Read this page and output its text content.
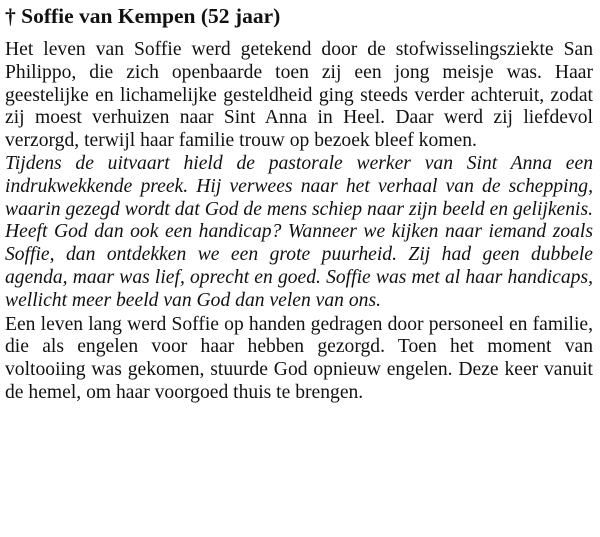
† Soffie van Kempen (52 jaar)

Het leven van Soffie werd getekend door de stofwisselingsziekte San Philippo, die zich openbaarde toen zij een jong meisje was. Haar geestelijke en lichamelijke gesteldheid ging steeds verder achteruit, zodat zij moest verhuizen naar Sint Anna in Heel. Daar werd zij liefdevol verzorgd, terwijl haar familie trouw op bezoek bleef komen.

Tijdens de uitvaart hield de pastorale werker van Sint Anna een indrukwekkende preek. Hij verwees naar het verhaal van de schepping, waarin gezegd wordt dat God de mens schiep naar zijn beeld en gelijkenis. Heeft God dan ook een handicap? Wanneer we kijken naar iemand zoals Soffie, dan ontdekken we een grote puurheid. Zij had geen dubbele agenda, maar was lief, oprecht en goed. Soffie was met al haar handicaps, wellicht meer beeld van God dan velen van ons.

Een leven lang werd Soffie op handen gedragen door personeel en familie, die als engelen voor haar hebben gezorgd. Toen het moment van voltooiing was gekomen, stuurde God opnieuw engelen. Deze keer vanuit de hemel, om haar voorgoed thuis te brengen.
